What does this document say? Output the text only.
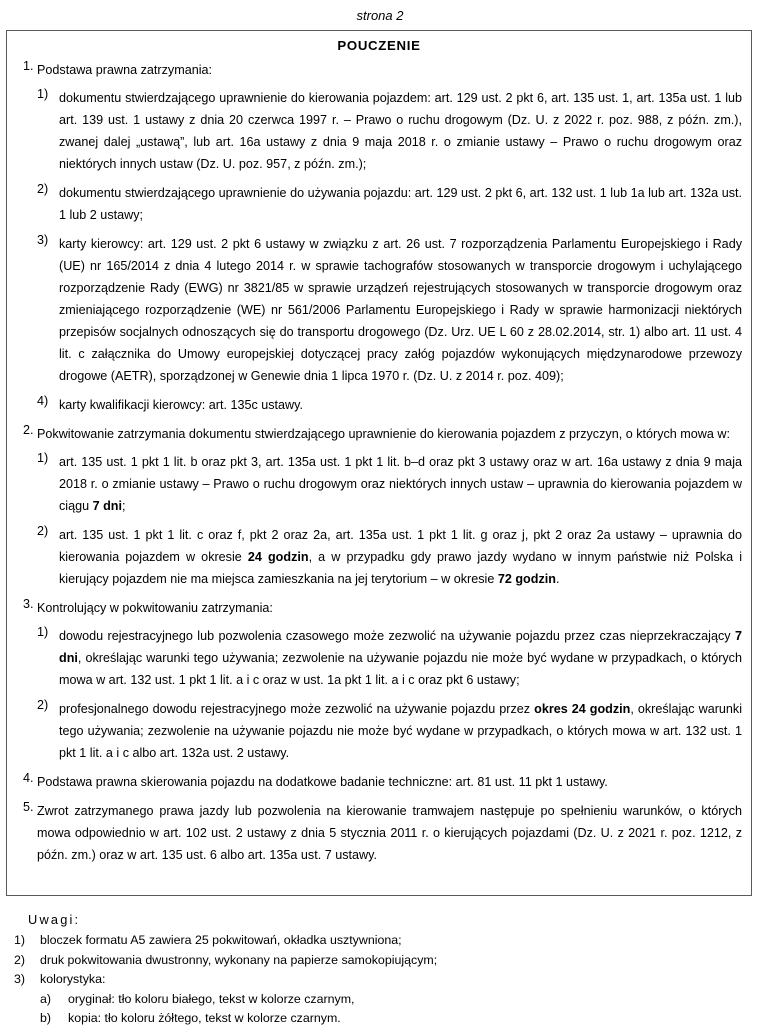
strona 2
POUCZENIE
1. Podstawa prawna zatrzymania:
1) dokumentu stwierdzającego uprawnienie do kierowania pojazdem: art. 129 ust. 2 pkt 6, art. 135 ust. 1, art. 135a ust. 1 lub art. 139 ust. 1 ustawy z dnia 20 czerwca 1997 r. – Prawo o ruchu drogowym (Dz. U. z 2022 r. poz. 988, z późn. zm.), zwanej dalej „ustawą”, lub art. 16a ustawy z dnia 9 maja 2018 r. o zmianie ustawy – Prawo o ruchu drogowym oraz niektórych innych ustaw (Dz. U. poz. 957, z późn. zm.);
2) dokumentu stwierdzającego uprawnienie do używania pojazdu: art. 129 ust. 2 pkt 6, art. 132 ust. 1 lub 1a lub art. 132a ust. 1 lub 2 ustawy;
3) karty kierowcy: art. 129 ust. 2 pkt 6 ustawy w związku z art. 26 ust. 7 rozporządzenia Parlamentu Europejskiego i Rady (UE) nr 165/2014 z dnia 4 lutego 2014 r. w sprawie tachografów stosowanych w transporcie drogowym i uchylającego rozporządzenie Rady (EWG) nr 3821/85 w sprawie urządzeń rejestrujących stosowanych w transporcie drogowym oraz zmieniającego rozporządzenie (WE) nr 561/2006 Parlamentu Europejskiego i Rady w sprawie harmonizacji niektórych przepisów socjalnych odnoszących się do transportu drogowego (Dz. Urz. UE L 60 z 28.02.2014, str. 1) albo art. 11 ust. 4 lit. c załącznika do Umowy europejskiej dotyczącej pracy załóg pojazdów wykonujących międzynarodowe przewozy drogowe (AETR), sporządzonej w Genewie dnia 1 lipca 1970 r. (Dz. U. z 2014 r. poz. 409);
4) karty kwalifikacji kierowcy: art. 135c ustawy.
2. Pokwitowanie zatrzymania dokumentu stwierdzającego uprawnienie do kierowania pojazdem z przyczyn, o których mowa w:
1) art. 135 ust. 1 pkt 1 lit. b oraz pkt 3, art. 135a ust. 1 pkt 1 lit. b–d oraz pkt 3 ustawy oraz w art. 16a ustawy z dnia 9 maja 2018 r. o zmianie ustawy – Prawo o ruchu drogowym oraz niektórych innych ustaw – uprawnia do kierowania pojazdem w ciągu 7 dni;
2) art. 135 ust. 1 pkt 1 lit. c oraz f, pkt 2 oraz 2a, art. 135a ust. 1 pkt 1 lit. g oraz j, pkt 2 oraz 2a ustawy – uprawnia do kierowania pojazdem w okresie 24 godzin, a w przypadku gdy prawo jazdy wydano w innym państwie niż Polska i kierujący pojazdem nie ma miejsca zamieszkania na jej terytorium – w okresie 72 godzin.
3. Kontrolujący w pokwitowaniu zatrzymania:
1) dowodu rejestracyjnego lub pozwolenia czasowego może zezwolić na używanie pojazdu przez czas nieprzekraczający 7 dni, określając warunki tego używania; zezwolenie na używanie pojazdu nie może być wydane w przypadkach, o których mowa w art. 132 ust. 1 pkt 1 lit. a i c oraz w ust. 1a pkt 1 lit. a i c oraz pkt 6 ustawy;
2) profesjonalnego dowodu rejestracyjnego może zezwolić na używanie pojazdu przez okres 24 godzin, określając warunki tego używania; zezwolenie na używanie pojazdu nie może być wydane w przypadkach, o których mowa w art. 132 ust. 1 pkt 1 lit. a i c albo art. 132a ust. 2 ustawy.
4. Podstawa prawna skierowania pojazdu na dodatkowe badanie techniczne: art. 81 ust. 11 pkt 1 ustawy.
5. Zwrot zatrzymanego prawa jazdy lub pozwolenia na kierowanie tramwajem następuje po spełnieniu warunków, o których mowa odpowiednio w art. 102 ust. 2 ustawy z dnia 5 stycznia 2011 r. o kierujących pojazdami (Dz. U. z 2021 r. poz. 1212, z późn. zm.) oraz w art. 135 ust. 6 albo art. 135a ust. 7 ustawy.
Uwagi:
1)	bloczek formatu A5 zawiera 25 pokwitowań, okładka usztywniona;
2)	druk pokwitowania dwustronny, wykonany na papierze samokopiującym;
3)	kolorystyka:
a)	oryginał: tło koloru białego, tekst w kolorze czarnym,
b)	kopia: tło koloru żółtego, tekst w kolorze czarnym.
